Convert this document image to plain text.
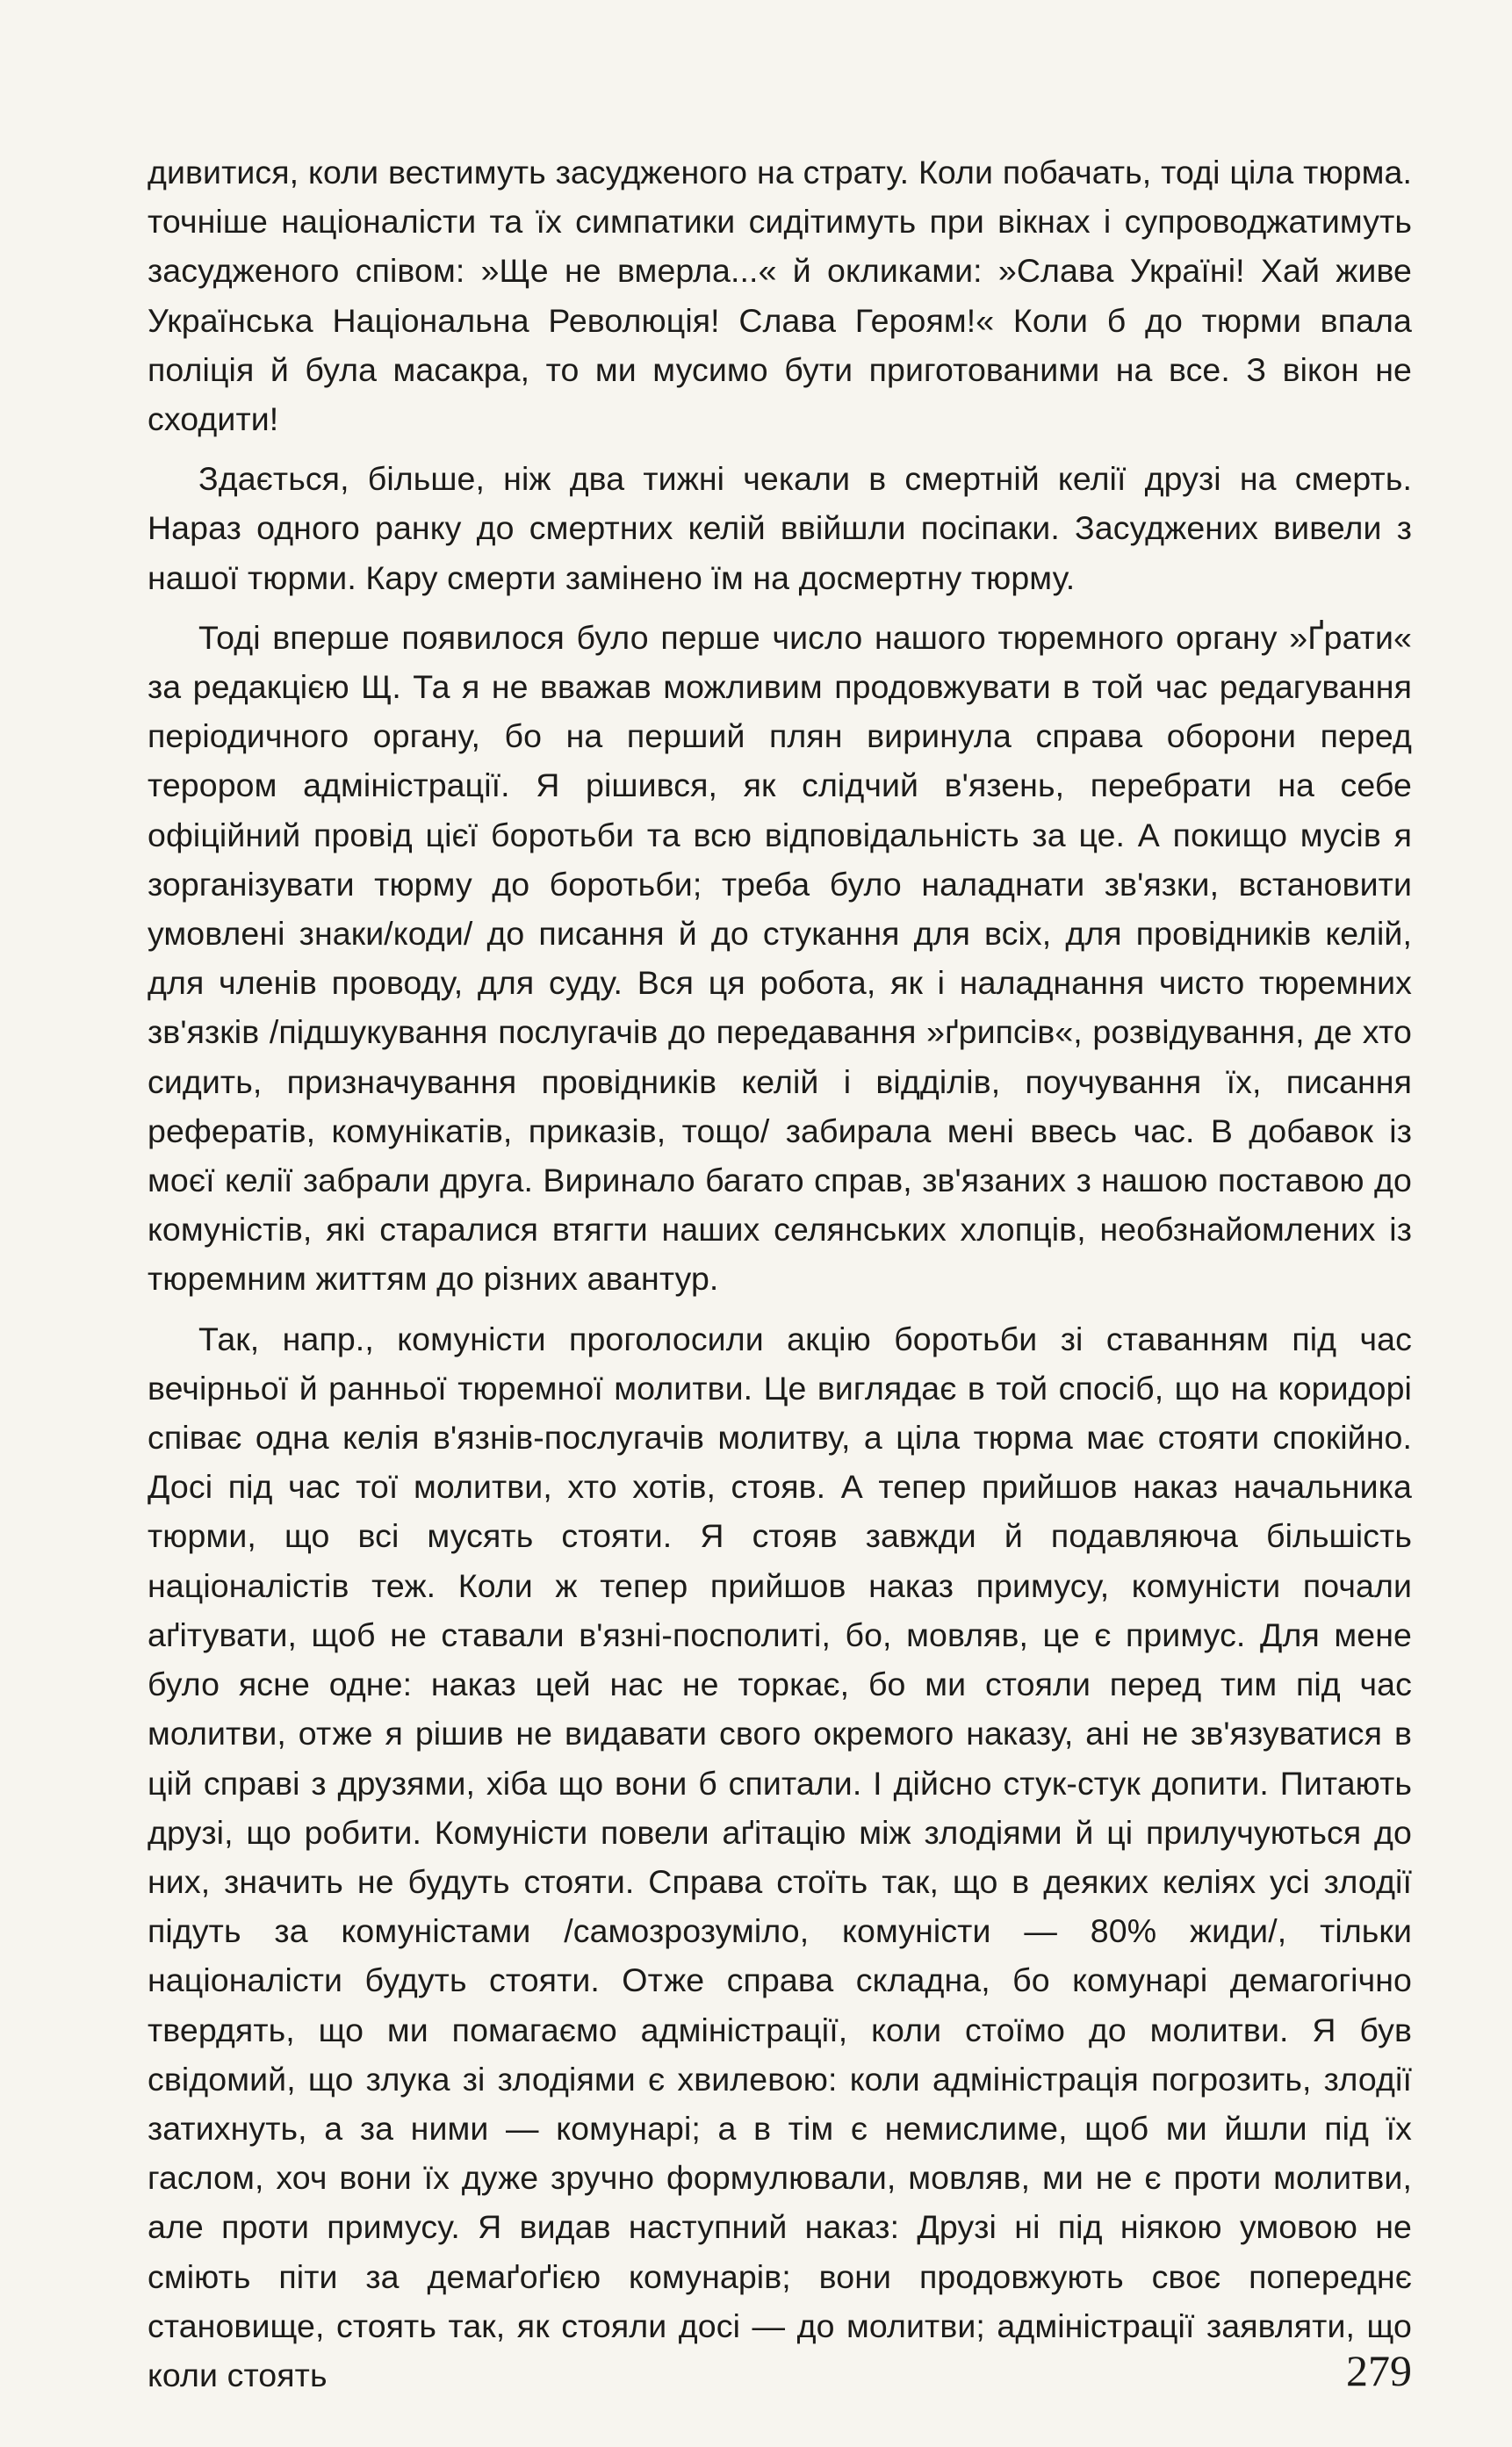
дивитися, коли вестимуть засудженого на страту. Коли побачать, тоді ціла тюрма. точніше націоналісти та їх симпатики сидітимуть при вікнах і супроводжатимуть засудженого співом: »Ще не вмерла...« й окликами: »Слава Україні! Хай живе Українська Національна Революція! Слава Героям!« Коли б до тюрми впала поліція й була масакра, то ми мусимо бути приготованими на все. З вікон не сходити!

Здається, більше, ніж два тижні чекали в смертній келії друзі на смерть. Нараз одного ранку до смертних келій ввійшли посіпаки. Засуджених вивели з нашої тюрми. Кару смерти замінено їм на досмертну тюрму.

Тоді вперше появилося було перше число нашого тюремного органу »Ґрати« за редакцією Щ. Та я не вважав можливим продовжувати в той час редагування періодичного органу, бо на перший плян виринула справа оборони перед терором адміністрації. Я рішився, як слідчий в'язень, перебрати на себе офіційний провід цієї боротьби та всю відповідальність за це. А покищо мусів я зорганізувати тюрму до боротьби; треба було наладнати зв'язки, встановити умовлені знаки/коди/ до писання й до стукання для всіх, для провідників келій, для членів проводу, для суду. Вся ця робота, як і наладнання чисто тюремних зв'язків /підшукування послугачів до передавання »ґрипсів«, розвідування, де хто сидить, призначування провідників келій і відділів, поучування їх, писання рефератів, комунікатів, приказів, тощо/ забирала мені ввесь час. В добавок із моєї келії забрали друга. Виринало багато справ, зв'язаних з нашою поставою до комуністів, які старалися втягти наших селянських хлопців, необзнайомлених із тюремним життям до різних авантур.

Так, напр., комуністи проголосили акцію боротьби зі ставанням під час вечірньої й ранньої тюремної молитви. Це виглядає в той спосіб, що на коридорі співає одна келія в'язнів-послугачів молитву, а ціла тюрма має стояти спокійно. Досі під час тої молитви, хто хотів, стояв. А тепер прийшов наказ начальника тюрми, що всі мусять стояти. Я стояв завжди й подавляюча більшість націоналістів теж. Коли ж тепер прийшов наказ примусу, комуністи почали аґітувати, щоб не ставали в'язні-посполиті, бо, мовляв, це є примус. Для мене було ясне одне: наказ цей нас не торкає, бо ми стояли перед тим під час молитви, отже я рішив не видавати свого окремого наказу, ані не зв'язуватися в цій справі з друзями, хіба що вони б спитали. І дійсно стук-стук допити. Питають друзі, що робити. Комуністи повели аґітацію між злодіями й ці прилучуються до них, значить не будуть стояти. Справа стоїть так, що в деяких келіях усі злодії підуть за комуністами /самозрозуміло, комуністи — 80% жиди/, тільки націоналісти будуть стояти. Отже справа складна, бо комунарі демагогічно твердять, що ми помагаємо адміністрації, коли стоїмо до молитви. Я був свідомий, що злука зі злодіями є хвилевою: коли адміністрація погрозить, злодії затихнуть, а за ними — комунарі; а в тім є немислиме, щоб ми йшли під їх гаслом, хоч вони їх дуже зручно формулювали, мовляв, ми не є проти молитви, але проти примусу. Я видав наступний наказ: Друзі ні під ніякою умовою не сміють піти за демаґоґією комунарів; вони продовжують своє попереднє становище, стоять так, як стояли досі — до молитви; адміністрації заявляти, що коли стоять	279
